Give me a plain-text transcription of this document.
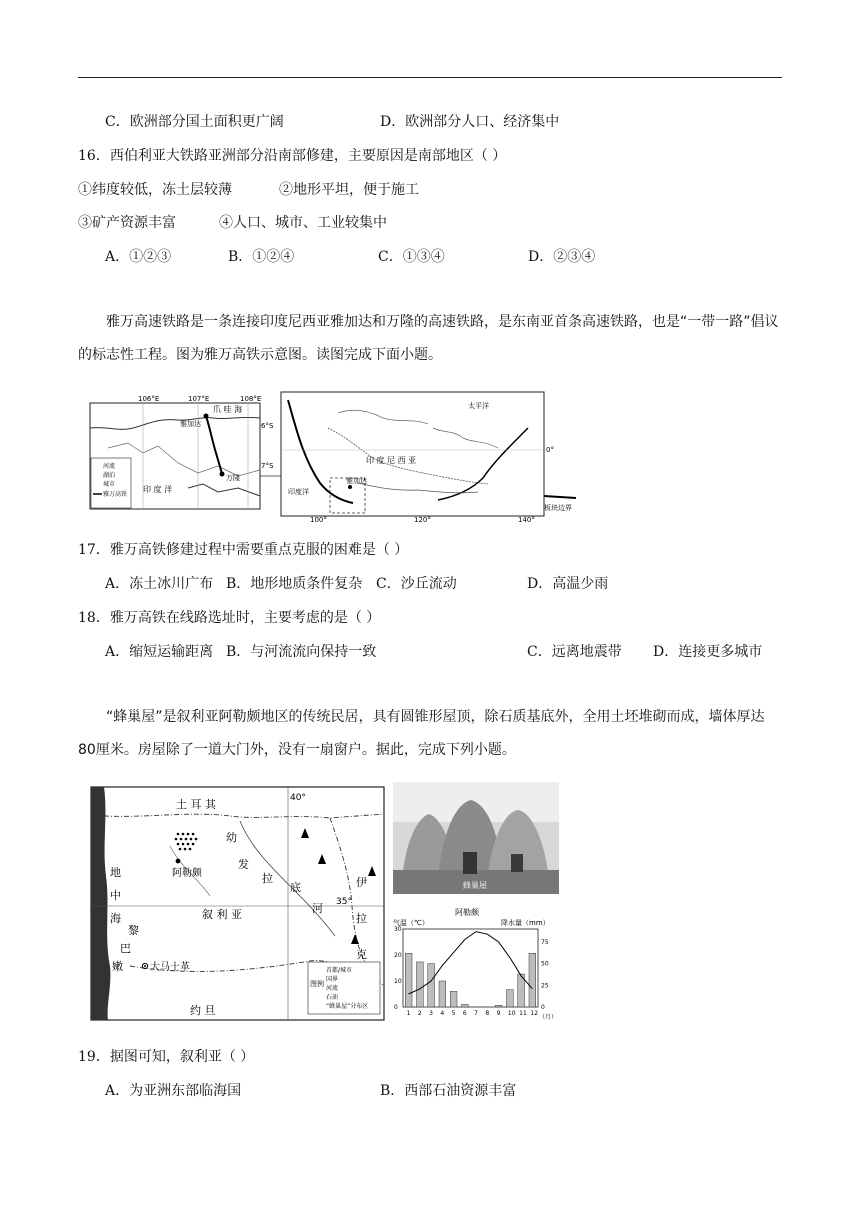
C．欧洲部分国土面积更广阔	D．欧洲部分人口、经济集中
16．西伯利亚大铁路亚洲部分沿南部修建，主要原因是南部地区（ ）
①纬度较低，冻土层较薄	②地形平坦，便于施工
③矿产资源丰富	④人口、城市、工业较集中
A．①②③	B．①②④	C．①③④	D．②③④
雅万高速铁路是一条连接印度尼西亚雅加达和万隆的高速铁路，是东南亚首条高速铁路，也是“一带一路”倡议的标志性工程。图为雅万高铁示意图。读图完成下面小题。
106°E	107°E	108°E
6°S
7°S
爪 哇 海
雅加达
万隆
印 度 洋
河流
湖泊
城市
雅万高铁
太平洋
印 度 尼 西 亚
印度洋
雅加达
0°
100°	120°	140°
板块边界
17．雅万高铁修建过程中需要重点克服的困难是（ ）
A．冻土冰川广布 B．地形地质条件复杂 C．沙丘流动	D．高温少雨
18．雅万高铁在线路选址时，主要考虑的是（ ）
A．缩短运输距离 B．与河流流向保持一致	C．远离地震带 D．连接更多城市
“蜂巢屋”是叙利亚阿勒颇地区的传统民居，具有圆锥形屋顶，除石质基底外，全用土坯堆砌而成，墙体厚达80厘米。房屋除了一道大门外，没有一扇窗户。据此，完成下列小题。
土 耳 其	40°
地
中
海
幼
发
拉
底
河
伊
拉
克
35°
阿勒颇
叙 利 亚
黎
巴
嫩	大马士革
约 旦
图例
首都/城市
国界
河流
石油
“蜂巢屋”分布区
蜂巢屋
阿勒颇
气温（℃）	降水量（mm）
0
10
20
30
0
25
50
75
1 2 3 4 5 6 7 8 9 10 11 12
（月）
19．据图可知，叙利亚（ ）
A．为亚洲东部临海国	B．西部石油资源丰富
